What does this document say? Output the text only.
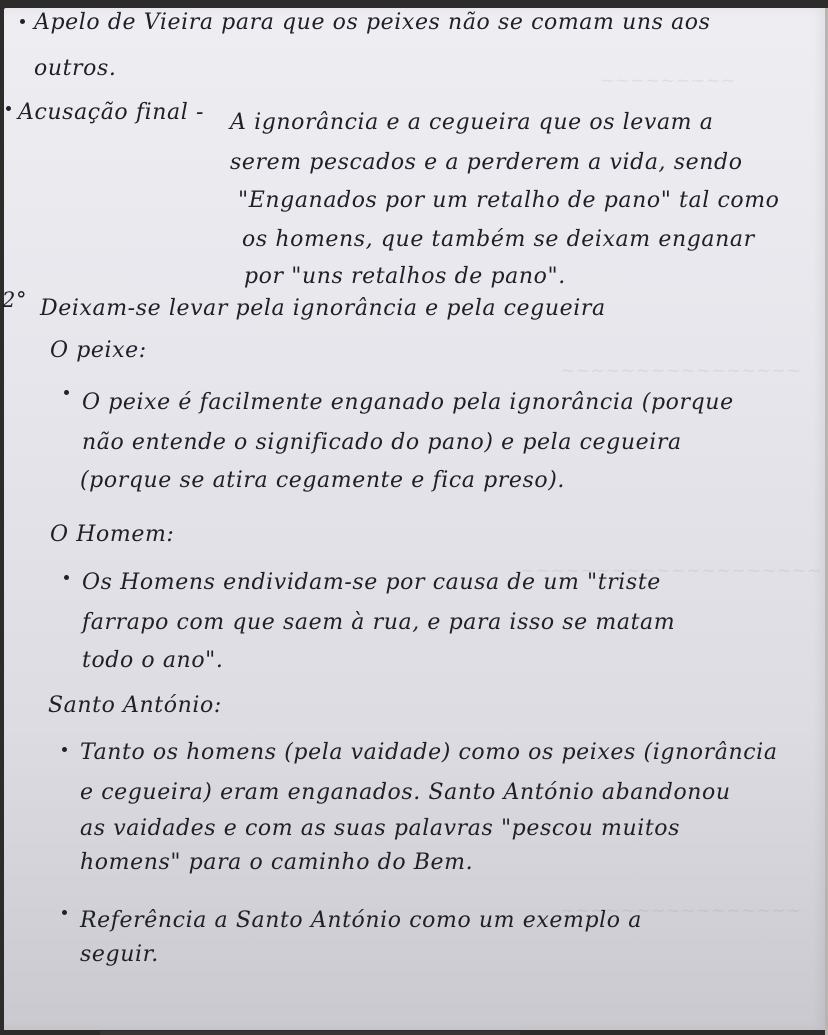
Apelo de Vieira para que os peixes não se comam uns aos
outros.
Acusação final - A ignorância e a cegueira que os levam a
serem pescados e a perderem a vida, sendo
"Enganados por um retalho de pano" tal como
os homens, que também se deixam enganar
por "uns retalhos de pano".
2° Deixam-se levar pela ignorância e pela cegueira
O peixe:
O peixe é facilmente enganado pela ignorância (porque
não entende o significado do pano) e pela cegueira
(porque se atira cegamente e fica preso).
O Homem:
Os Homens endividam-se por causa de um "triste
farrapo com que saem à rua, e para isso se matam
todo o ano".
Santo António:
Tanto os homens (pela vaidade) como os peixes (ignorância
e cegueira) eram enganados. Santo António abandonou
as vaidades e com as suas palavras "pescou muitos
homens" para o caminho do Bem.
Referência a Santo António como um exemplo a
seguir.
